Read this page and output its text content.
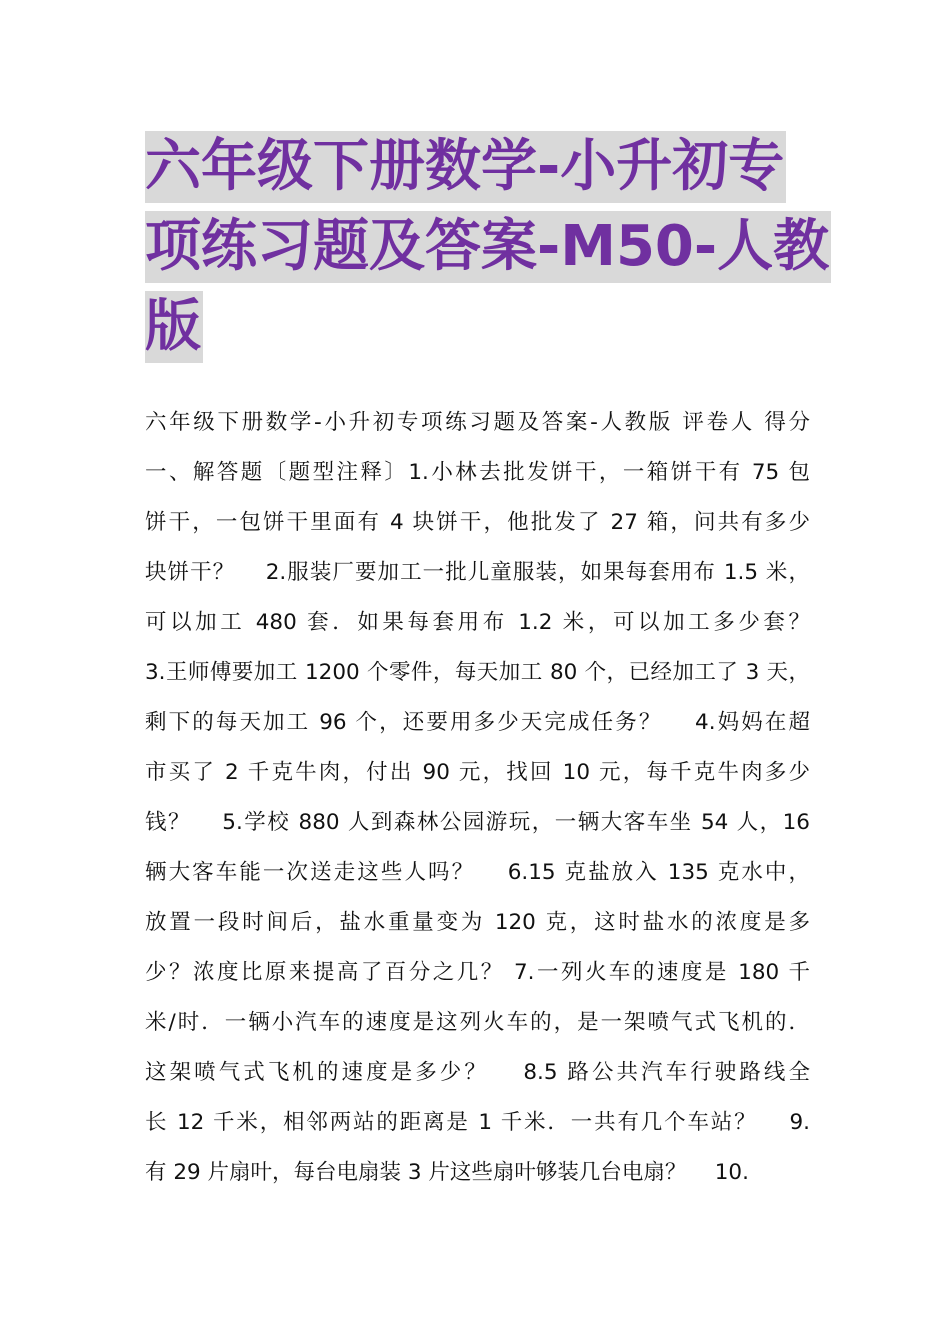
六年级下册数学-小升初专
项练习题及答案-M50-人教
版
六年级下册数学-小升初专项练习题及答案-人教版 评卷人 得分
一、解答题〔题型注释〕1.小林去批发饼干，一箱饼干有 75 包
饼干，一包饼干里面有 4 块饼干，他批发了 27 箱，问共有多少
块饼干？　 2.服装厂要加工一批儿童服装，如果每套用布 1.5 米，
可以加工 480 套．如果每套用布 1.2 米，可以加工多少套？
3.王师傅要加工 1200 个零件，每天加工 80 个，已经加工了 3 天，
剩下的每天加工 96 个，还要用多少天完成任务？　 4.妈妈在超
市买了 2 千克牛肉，付出 90 元，找回 10 元，每千克牛肉多少
钱？　 5.学校 880 人到森林公园游玩，一辆大客车坐 54 人，16
辆大客车能一次送走这些人吗？　 6.15 克盐放入 135 克水中，
放置一段时间后，盐水重量变为 120 克，这时盐水的浓度是多
少？浓度比原来提高了百分之几？ 7.一列火车的速度是 180 千
米/时．一辆小汽车的速度是这列火车的，是一架喷气式飞机的．
这架喷气式飞机的速度是多少？　 8.5 路公共汽车行驶路线全
长 12 千米，相邻两站的距离是 1 千米．一共有几个车站？　 9.
有 29 片扇叶，每台电扇装 3 片这些扇叶够装几台电扇？　 10.
